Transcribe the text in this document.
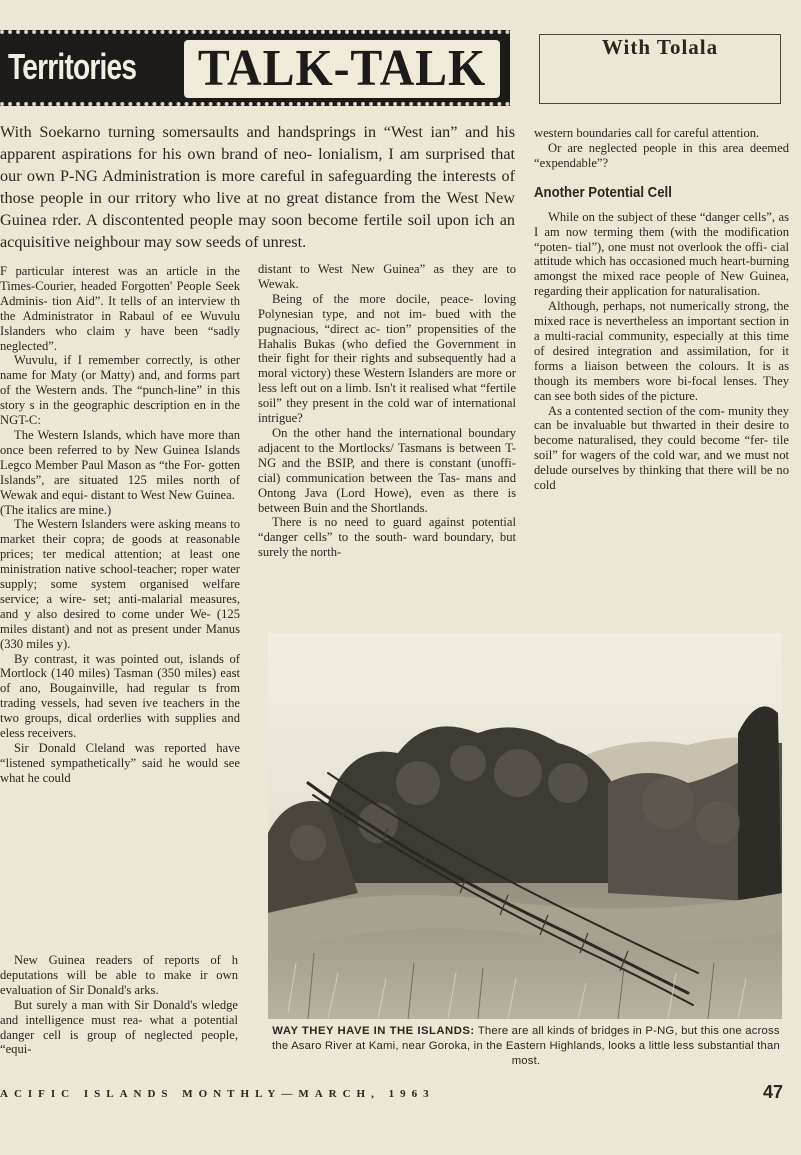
Territories TALK-TALK	With Tolala
With Soekarno turning somersaults and handsprings in “West ian” and his apparent aspirations for his own brand of neo- lonialism, I am surprised that our own P-NG Administration is more careful in safeguarding the interests of those people in our rritory who live at no great distance from the West New Guinea rder. A discontented people may soon become fertile soil upon ich an acquisitive neighbour may sow seeds of unrest.

F particular interest was an article in the Times-Courier, headed Forgotten' People Seek Adminis- tion Aid”. It tells of an interview th the Administrator in Rabaul of ee Wuvulu Islanders who claim y have been “sadly neglected”.

Wuvulu, if I remember correctly, is other name for Maty (or Matty) and, and forms part of the Western ands. The “punch-line” in this story s in the geographic description en in the NGT-C:

The Western Islands, which have more than once been referred to by New Guinea Islands Legco Member Paul Mason as “the For- gotten Islands”, are situated 125 miles north of Wewak and equi- distant to West New Guinea.

(The italics are mine.)

The Western Islanders were asking means to market their copra; de goods at reasonable prices; ter medical attention; at least one ministration native school-teacher; roper water supply; some system organised welfare service; a wire- set; anti-malarial measures, and y also desired to come under We- (125 miles distant) and not as present under Manus (330 miles y).

By contrast, it was pointed out, islands of Mortlock (140 miles) Tasman (350 miles) east of ano, Bougainville, had regular ts from trading vessels, had seven ive teachers in the two groups, dical orderlies with supplies and eless receivers.

Sir Donald Cleland was reported have “listened sympathetically” said he would see what he could

New Guinea readers of reports of h deputations will be able to make ir own evaluation of Sir Donald's arks.

But surely a man with Sir Donald's wledge and intelligence must rea- what a potential danger cell is group of neglected people, “equi-

distant to West New Guinea” as they are to Wewak.

Being of the more docile, peace- loving Polynesian type, and not im- bued with the pugnacious, “direct ac- tion” propensities of the Hahalis Bukas (who defied the Government in their fight for their rights and subsequently had a moral victory) these Western Islanders are more or less left out on a limb. Isn't it realised what “fertile soil” they present in the cold war of international intrigue?

On the other hand the international boundary adjacent to the Mortlocks/ Tasmans is between T-NG and the BSIP, and there is constant (unoffi- cial) communication between the Tas- mans and Ontong Java (Lord Howe), even as there is between Buin and the Shortlands.

There is no need to guard against potential “danger cells” to the south- ward boundary, but surely the north-

western boundaries call for careful attention.

Or are neglected people in this area deemed “expendable”?

Another Potential Cell

While on the subject of these “danger cells”, as I am now terming them (with the modification “poten- tial”), one must not overlook the offi- cial attitude which has occasioned much heart-burning amongst the mixed race people of New Guinea, regarding their application for naturalisation.

Although, perhaps, not numerically strong, the mixed race is nevertheless an important section in a multi-racial community, especially at this time of desired integration and assimilation, for it forms a liaison between the colours. It is as though its members wore bi-focal lenses. They can see both sides of the picture.

As a contented section of the com- munity they can be invaluable but thwarted in their desire to become naturalised, they could become “fer- tile soil” for wagers of the cold war, and we must not delude ourselves by thinking that there will be no cold

WAY THEY HAVE IN THE ISLANDS: There are all kinds of bridges in P-NG, but this one across the Asaro River at Kami, near Goroka, in the Eastern Highlands, looks a little less substantial than most.
ACIFIC ISLANDS MONTHLY—MARCH, 1963	47
